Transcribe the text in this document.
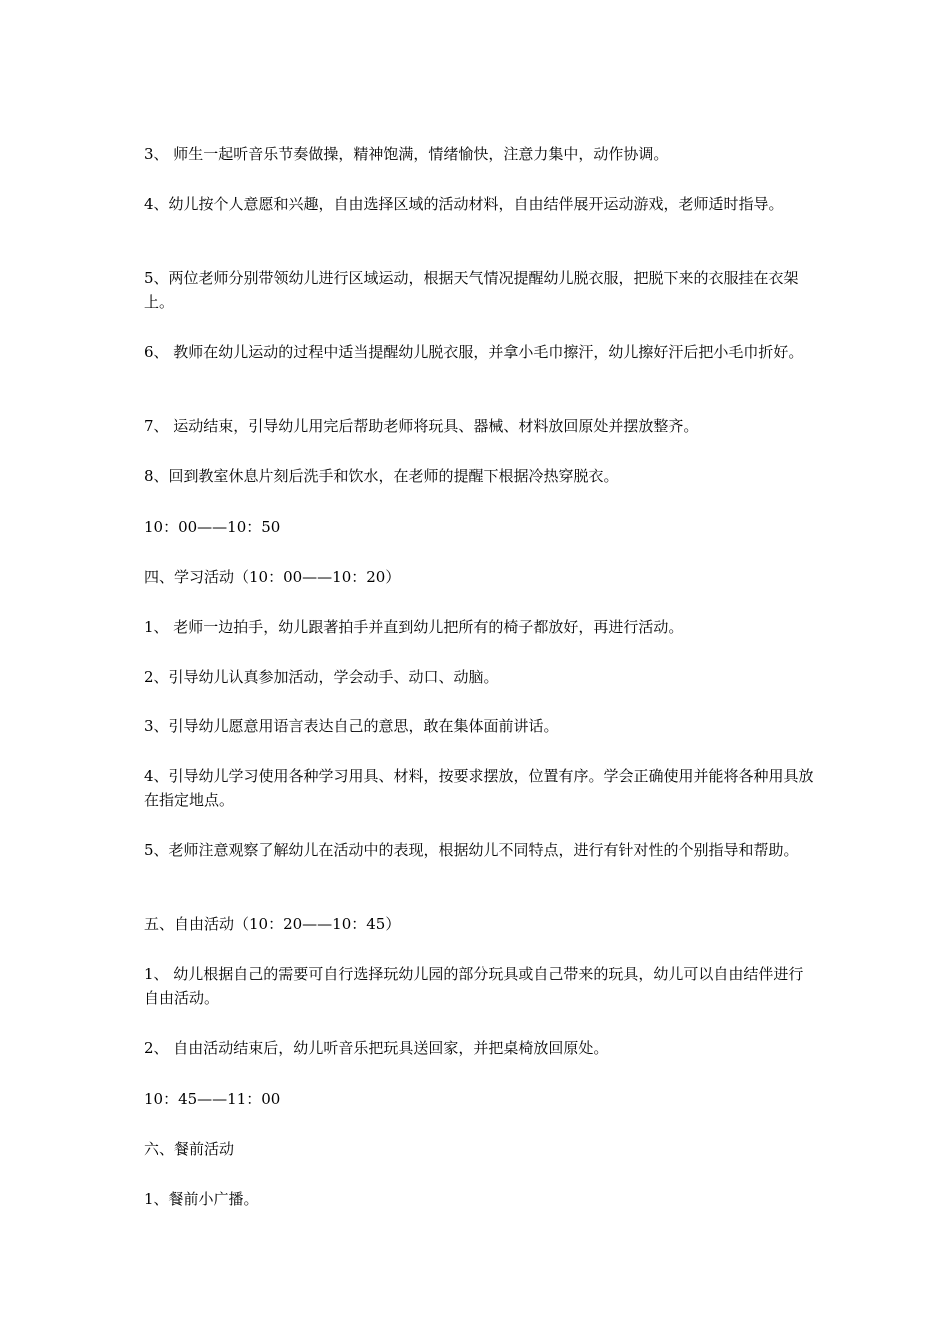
3、 师生一起听音乐节奏做操，精神饱满，情绪愉快，注意力集中，动作协调。

4、幼儿按个人意愿和兴趣，自由选择区域的活动材料，自由结伴展开运动游戏，老师适时指导。

5、两位老师分别带领幼儿进行区域运动，根据天气情况提醒幼儿脱衣服，把脱下来的衣服挂在衣架上。

6、 教师在幼儿运动的过程中适当提醒幼儿脱衣服，并拿小毛巾擦汗，幼儿擦好汗后把小毛巾折好。

7、 运动结束，引导幼儿用完后帮助老师将玩具、器械、材料放回原处并摆放整齐。

8、回到教室休息片刻后洗手和饮水，在老师的提醒下根据冷热穿脱衣。

10：00——10：50

四、学习活动（10：00——10：20）

1、 老师一边拍手，幼儿跟著拍手并直到幼儿把所有的椅子都放好，再进行活动。

2、引导幼儿认真参加活动，学会动手、动口、动脑。

3、引导幼儿愿意用语言表达自己的意思，敢在集体面前讲话。

4、引导幼儿学习使用各种学习用具、材料，按要求摆放，位置有序。学会正确使用并能将各种用具放在指定地点。

5、老师注意观察了解幼儿在活动中的表现，根据幼儿不同特点，进行有针对性的个别指导和帮助。

五、自由活动（10：20——10：45）

1、 幼儿根据自己的需要可自行选择玩幼儿园的部分玩具或自己带来的玩具，幼儿可以自由结伴进行自由活动。

2、 自由活动结束后，幼儿听音乐把玩具送回家，并把桌椅放回原处。

10：45——11：00

六、餐前活动

1、餐前小广播。
